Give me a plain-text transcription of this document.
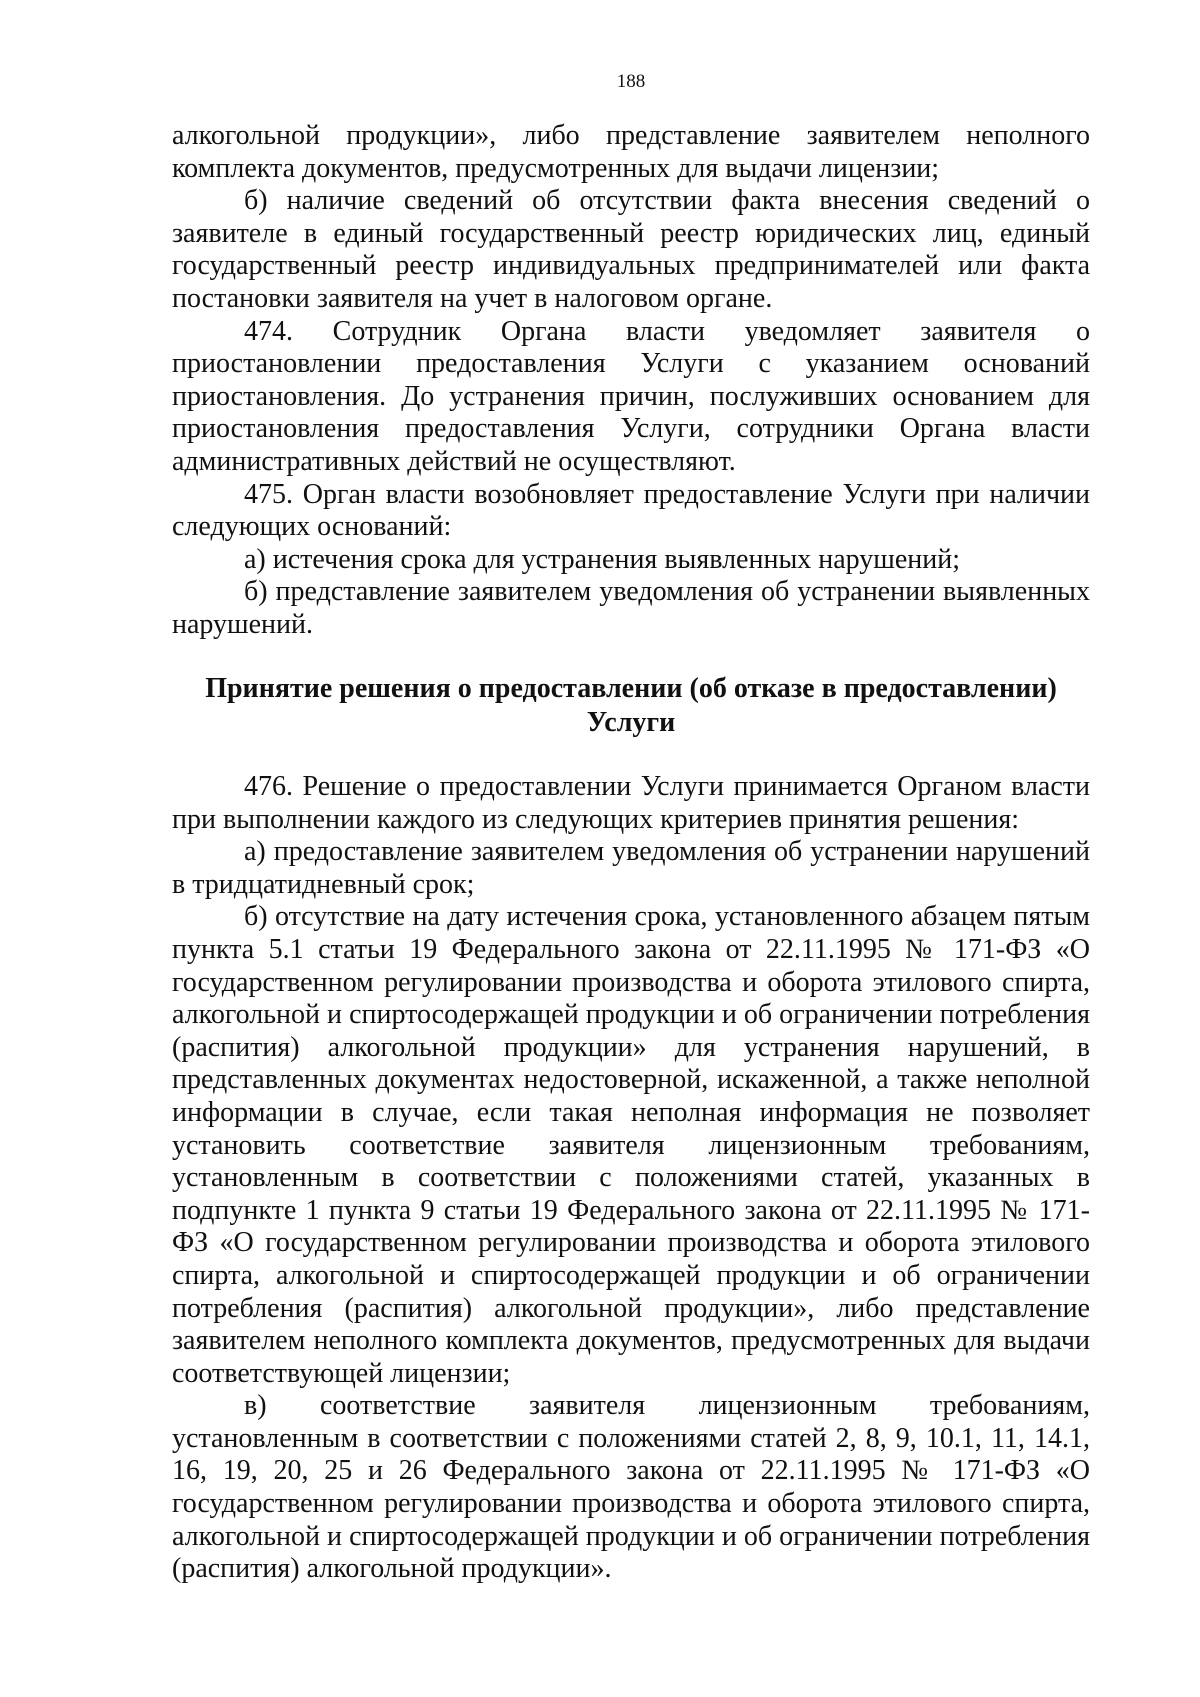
188

алкогольной продукции», либо представление заявителем неполного комплекта документов, предусмотренных для выдачи лицензии;

б) наличие сведений об отсутствии факта внесения сведений о заявителе в единый государственный реестр юридических лиц, единый государственный реестр индивидуальных предпринимателей или факта постановки заявителя на учет в налоговом органе.

474. Сотрудник Органа власти уведомляет заявителя о приостановлении предоставления Услуги с указанием оснований приостановления. До устранения причин, послуживших основанием для приостановления предоставления Услуги, сотрудники Органа власти административных действий не осуществляют.

475. Орган власти возобновляет предоставление Услуги при наличии следующих оснований:

а) истечения срока для устранения выявленных нарушений;

б) представление заявителем уведомления об устранении выявленных нарушений.

Принятие решения о предоставлении (об отказе в предоставлении)
Услуги

476. Решение о предоставлении Услуги принимается Органом власти при выполнении каждого из следующих критериев принятия решения:

а) предоставление заявителем уведомления об устранении нарушений в тридцатидневный срок;

б) отсутствие на дату истечения срока, установленного абзацем пятым пункта 5.1 статьи 19 Федерального закона от 22.11.1995 № 171-ФЗ «О государственном регулировании производства и оборота этилового спирта, алкогольной и спиртосодержащей продукции и об ограничении потребления (распития) алкогольной продукции» для устранения нарушений, в представленных документах недостоверной, искаженной, а также неполной информации в случае, если такая неполная информация не позволяет установить соответствие заявителя лицензионным требованиям, установленным в соответствии с положениями статей, указанных в подпункте 1 пункта 9 статьи 19 Федерального закона от 22.11.1995 № 171-ФЗ «О государственном регулировании производства и оборота этилового спирта, алкогольной и спиртосодержащей продукции и об ограничении потребления (распития) алкогольной продукции», либо представление заявителем неполного комплекта документов, предусмотренных для выдачи соответствующей лицензии;

в) соответствие заявителя лицензионным требованиям, установленным в соответствии с положениями статей 2, 8, 9, 10.1, 11, 14.1, 16, 19, 20, 25 и 26 Федерального закона от 22.11.1995 № 171-ФЗ «О государственном регулировании производства и оборота этилового спирта, алкогольной и спиртосодержащей продукции и об ограничении потребления (распития) алкогольной продукции».
